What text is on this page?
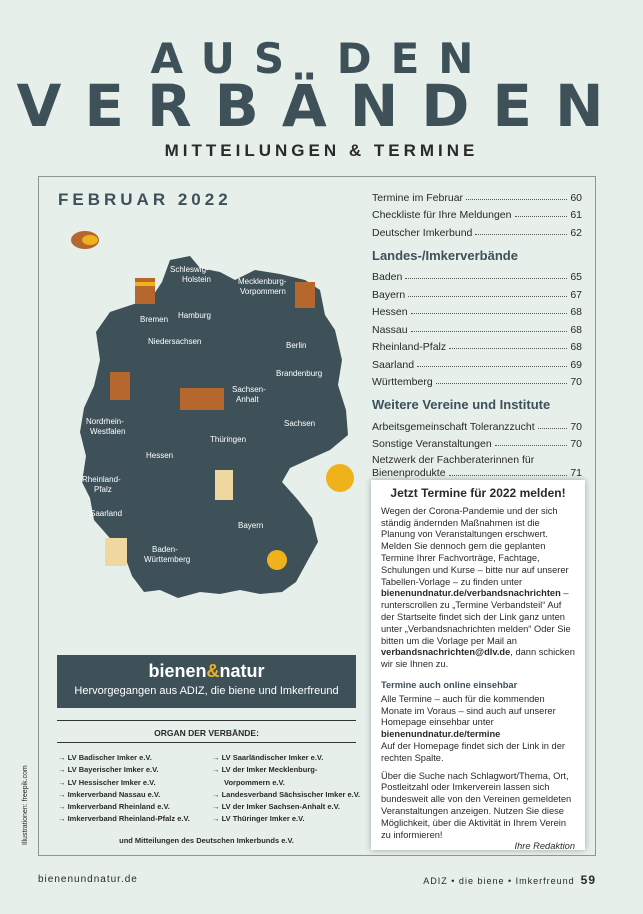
AUS DEN
VERBÄNDEN
MITTEILUNGEN & TERMINE
FEBRUAR 2022
Schleswig-
Holstein	Mecklenburg-
Vorpommern
Hamburg
Bremen
Niedersachsen	Berlin
Brandenburg
Sachsen-
Anhalt
Nordrhein-
Westfalen
Sachsen
Thüringen
Hessen
Rheinland-
Pfalz
Saarland
Bayern
Baden-
Württemberg
Termine im Februar	60
Checkliste für Ihre Meldungen	61
Deutscher Imkerbund	62
Landes-/Imkerverbände
Baden	65
Bayern	67
Hessen	68
Nassau	68
Rheinland-Pfalz	68
Saarland	69
Württemberg	70
Weitere Vereine und Institute
Arbeitsgemeinschaft Toleranzzucht	70
Sonstige Veranstaltungen	70
Netzwerk der Fachberaterinnen für
Bienenprodukte	71
bienen&natur
Hervorgegangen aus ADIZ, die biene und Imkerfreund
ORGAN DER VERBÄNDE:
→ LV Badischer Imker e.V.
→ LV Bayerischer Imker e.V.
→ LV Hessischer Imker e.V.
→ Imkerverband Nassau e.V.
→ Imkerverband Rheinland e.V.
→ Imkerverband Rheinland-Pfalz e.V.
→ LV Saarländischer Imker e.V.
→ LV der Imker Mecklenburg-
Vorpommern e.V.
→ Landesverband Sächsischer Imker e.V.
→ LV der Imker Sachsen-Anhalt e.V.
→ LV Thüringer Imker e.V.
und Mitteilungen des Deutschen Imkerbunds e.V.
Illustrationen: freepik.com
Jetzt Termine für 2022 melden!

Wegen der Corona-Pandemie und der sich ständig ändernden Maßnahmen ist die Planung von Veranstaltungen erschwert. Melden Sie dennoch gern die geplanten Termine Ihrer Fachvorträge, Fachtage, Schulungen und Kurse – bitte nur auf unserer Tabellen-Vorlage – zu finden unter bienenundnatur.de/verbandsnachrichten – runterscrollen zu „Termine Verbandsteil“ Auf der Startseite findet sich der Link ganz unten unter „Verbandsnachrichten melden“ Oder Sie bitten um die Vorlage per Mail an verbandsnachrichten@dlv.de, dann schicken wir sie Ihnen zu.

Termine auch online einsehbar

Alle Termine – auch für die kommenden Monate im Voraus – sind auch auf unserer Homepage einsehbar unter bienenundnatur.de/termine
Auf der Homepage findet sich der Link in der rechten Spalte.

Über die Suche nach Schlagwort/Thema, Ort, Postleitzahl oder Imkerverein lassen sich bundesweit alle von den Vereinen gemeldeten Veranstaltungen anzeigen. Nutzen Sie diese Möglichkeit, über die Aktivität in Ihrem Verein zu informieren!

Ihre Redaktion
bienenundnatur.de	ADIZ • die biene • Imkerfreund 59
